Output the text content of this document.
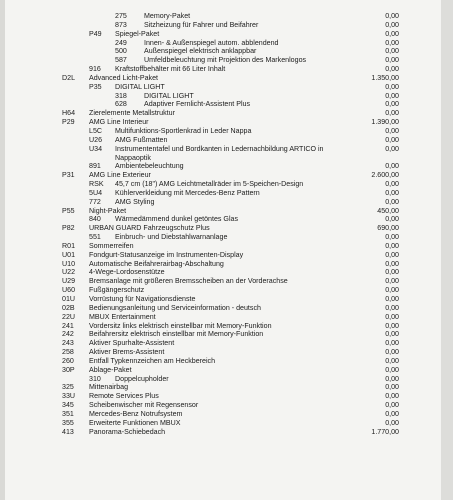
275 Memory-Paket	0,00
873 Sitzheizung für Fahrer und Beifahrer	0,00
P49 Spiegel-Paket	0,00
249 Innen- & Außenspiegel autom. abblendend	0,00
500 Außenspiegel elektrisch anklappbar	0,00
587 Umfeldbeleuchtung mit Projektion des Markenlogos	0,00
916 Kraftstoffbehälter mit 66 Liter Inhalt	0,00
D2L Advanced Licht-Paket	1.350,00
P35 DIGITAL LIGHT	0,00
318 DIGITAL LIGHT	0,00
628 Adaptiver Fernlicht-Assistent Plus	0,00
H64 Zierelemente Metallstruktur	0,00
P29 AMG Line Interieur	1.390,00
L5C Multifunktions-Sportlenkrad in Leder Nappa	0,00
U26 AMG Fußmatten	0,00
U34 Instrumententafel und Bordkanten in Ledernachbildung ARTICO in	0,00
Nappaoptik
891 Ambientebeleuchtung	0,00
P31 AMG Line Exterieur	2.600,00
RSK 45,7 cm (18") AMG Leichtmetallräder im 5-Speichen-Design	0,00
5U4 Kühlerverkleidung mit Mercedes-Benz Pattern	0,00
772 AMG Styling	0,00
P55 Night-Paket	450,00
840 Wärmedämmend dunkel getöntes Glas	0,00
P82 URBAN GUARD Fahrzeugschutz Plus	690,00
551 Einbruch- und Diebstahlwarnanlage	0,00
R01 Sommerreifen	0,00
U01 Fondgurt-Statusanzeige im Instrumenten-Display	0,00
U10 Automatische Beifahrerairbag-Abschaltung	0,00
U22 4-Wege-Lordosenstütze	0,00
U29 Bremsanlage mit größeren Bremsscheiben an der Vorderachse	0,00
U60 Fußgängerschutz	0,00
01U Vorrüstung für Navigationsdienste	0,00
02B Bedienungsanleitung und Serviceinformation - deutsch	0,00
22U MBUX Entertainment	0,00
241 Vordersitz links elektrisch einstellbar mit Memory-Funktion	0,00
242 Beifahrersitz elektrisch einstellbar mit Memory-Funktion	0,00
243 Aktiver Spurhalte-Assistent	0,00
258 Aktiver Brems-Assistent	0,00
260 Entfall Typkennzeichen am Heckbereich	0,00
30P Ablage-Paket	0,00
310 Doppelcupholder	0,00
325 Mittenairbag	0,00
33U Remote Services Plus	0,00
345 Scheibenwischer mit Regensensor	0,00
351 Mercedes-Benz Notrufsystem	0,00
355 Erweiterte Funktionen MBUX	0,00
413 Panorama-Schiebedach	1.770,00
